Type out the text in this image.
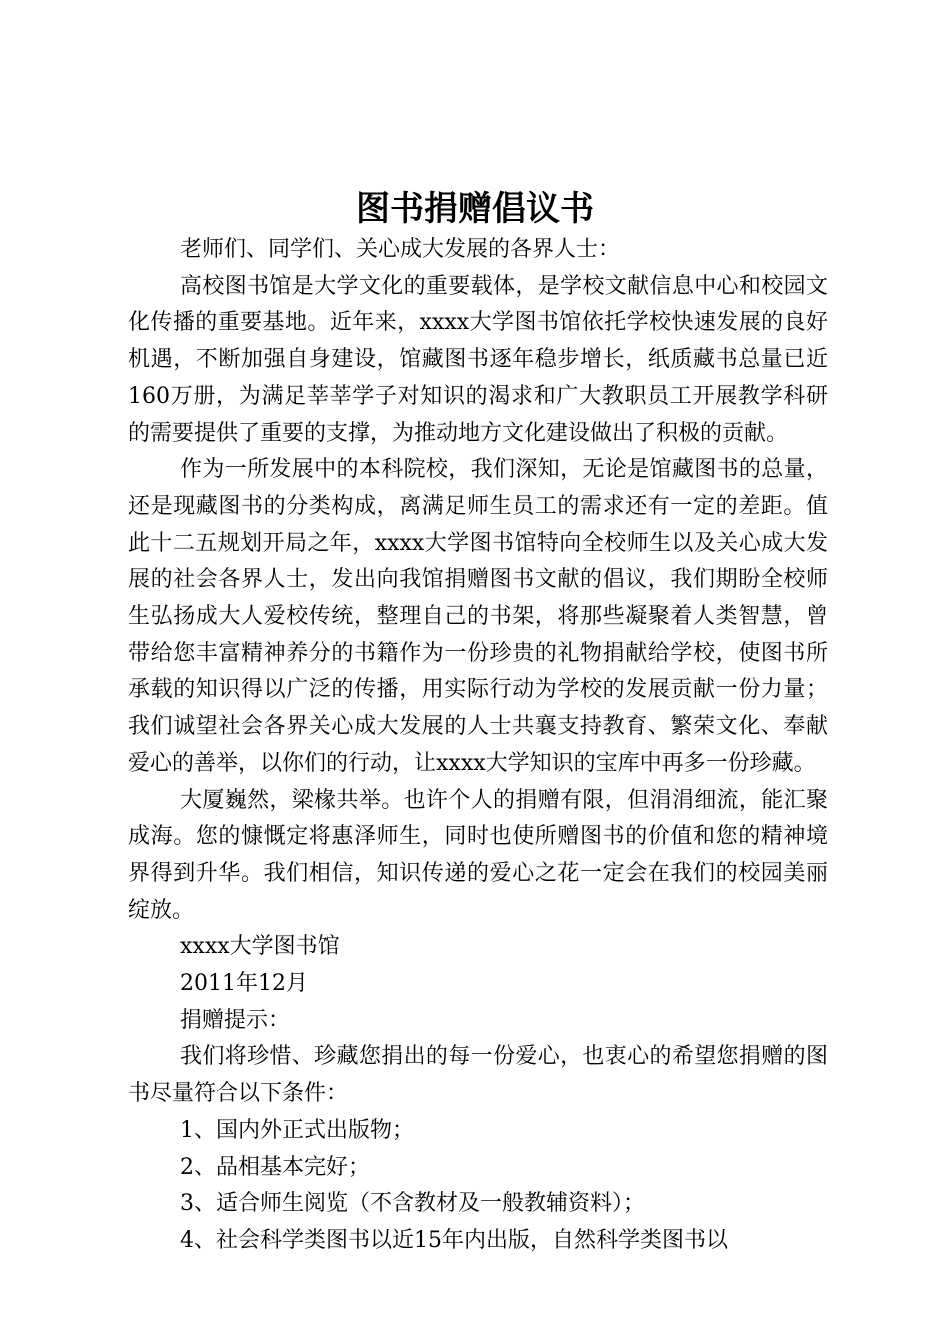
图书捐赠倡议书

老师们、同学们、关心成大发展的各界人士：

高校图书馆是大学文化的重要载体，是学校文献信息中心和校园文化传播的重要基地。近年来，xxxx大学图书馆依托学校快速发展的良好机遇，不断加强自身建设，馆藏图书逐年稳步增长，纸质藏书总量已近160万册，为满足莘莘学子对知识的渴求和广大教职员工开展教学科研的需要提供了重要的支撑，为推动地方文化建设做出了积极的贡献。

作为一所发展中的本科院校，我们深知，无论是馆藏图书的总量，还是现藏图书的分类构成，离满足师生员工的需求还有一定的差距。值此十二五规划开局之年，xxxx大学图书馆特向全校师生以及关心成大发展的社会各界人士，发出向我馆捐赠图书文献的倡议，我们期盼全校师生弘扬成大人爱校传统，整理自己的书架，将那些凝聚着人类智慧，曾带给您丰富精神养分的书籍作为一份珍贵的礼物捐献给学校，使图书所承载的知识得以广泛的传播，用实际行动为学校的发展贡献一份力量；我们诚望社会各界关心成大发展的人士共襄支持教育、繁荣文化、奉献爱心的善举，以你们的行动，让xxxx大学知识的宝库中再多一份珍藏。

大厦巍然，梁椽共举。也许个人的捐赠有限，但涓涓细流，能汇聚成海。您的慷慨定将惠泽师生，同时也使所赠图书的价值和您的精神境界得到升华。我们相信，知识传递的爱心之花一定会在我们的校园美丽绽放。

xxxx大学图书馆

2011年12月

捐赠提示：

我们将珍惜、珍藏您捐出的每一份爱心，也衷心的希望您捐赠的图书尽量符合以下条件：

1、国内外正式出版物；

2、品相基本完好；

3、适合师生阅览（不含教材及一般教辅资料）；

4、社会科学类图书以近15年内出版，自然科学类图书以
